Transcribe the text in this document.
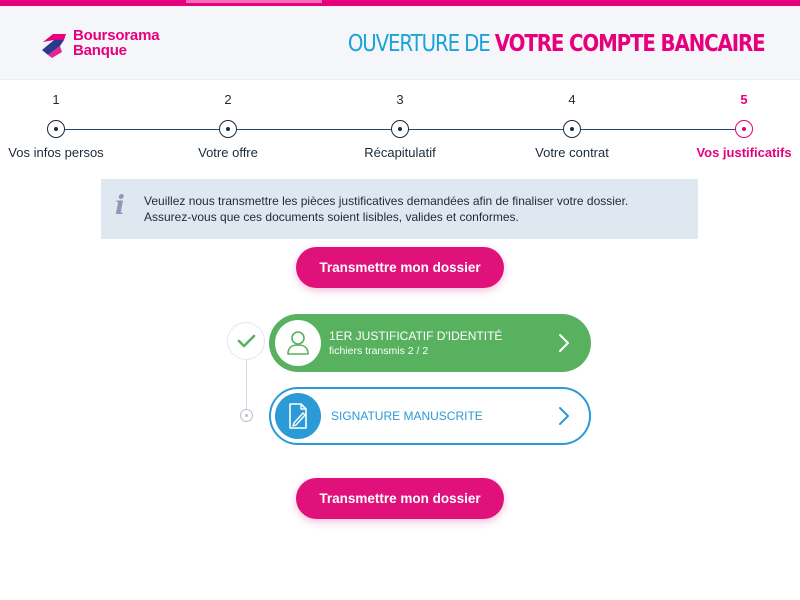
Boursorama
Banque	OUVERTURE DE VOTRE COMPTE BANCAIRE
1
Vos infos persos
2
Votre offre
3
Récapitulatif
4
Votre contrat
5
Vos justificatifs
i Veuillez nous transmettre les pièces justificatives demandées afin de finaliser votre dossier.
Assurez-vous que ces documents soient lisibles, valides et conformes.
Transmettre mon dossier
1ER JUSTIFICATIF D'IDENTITÉ
fichiers transmis 2 / 2
SIGNATURE MANUSCRITE
Transmettre mon dossier
